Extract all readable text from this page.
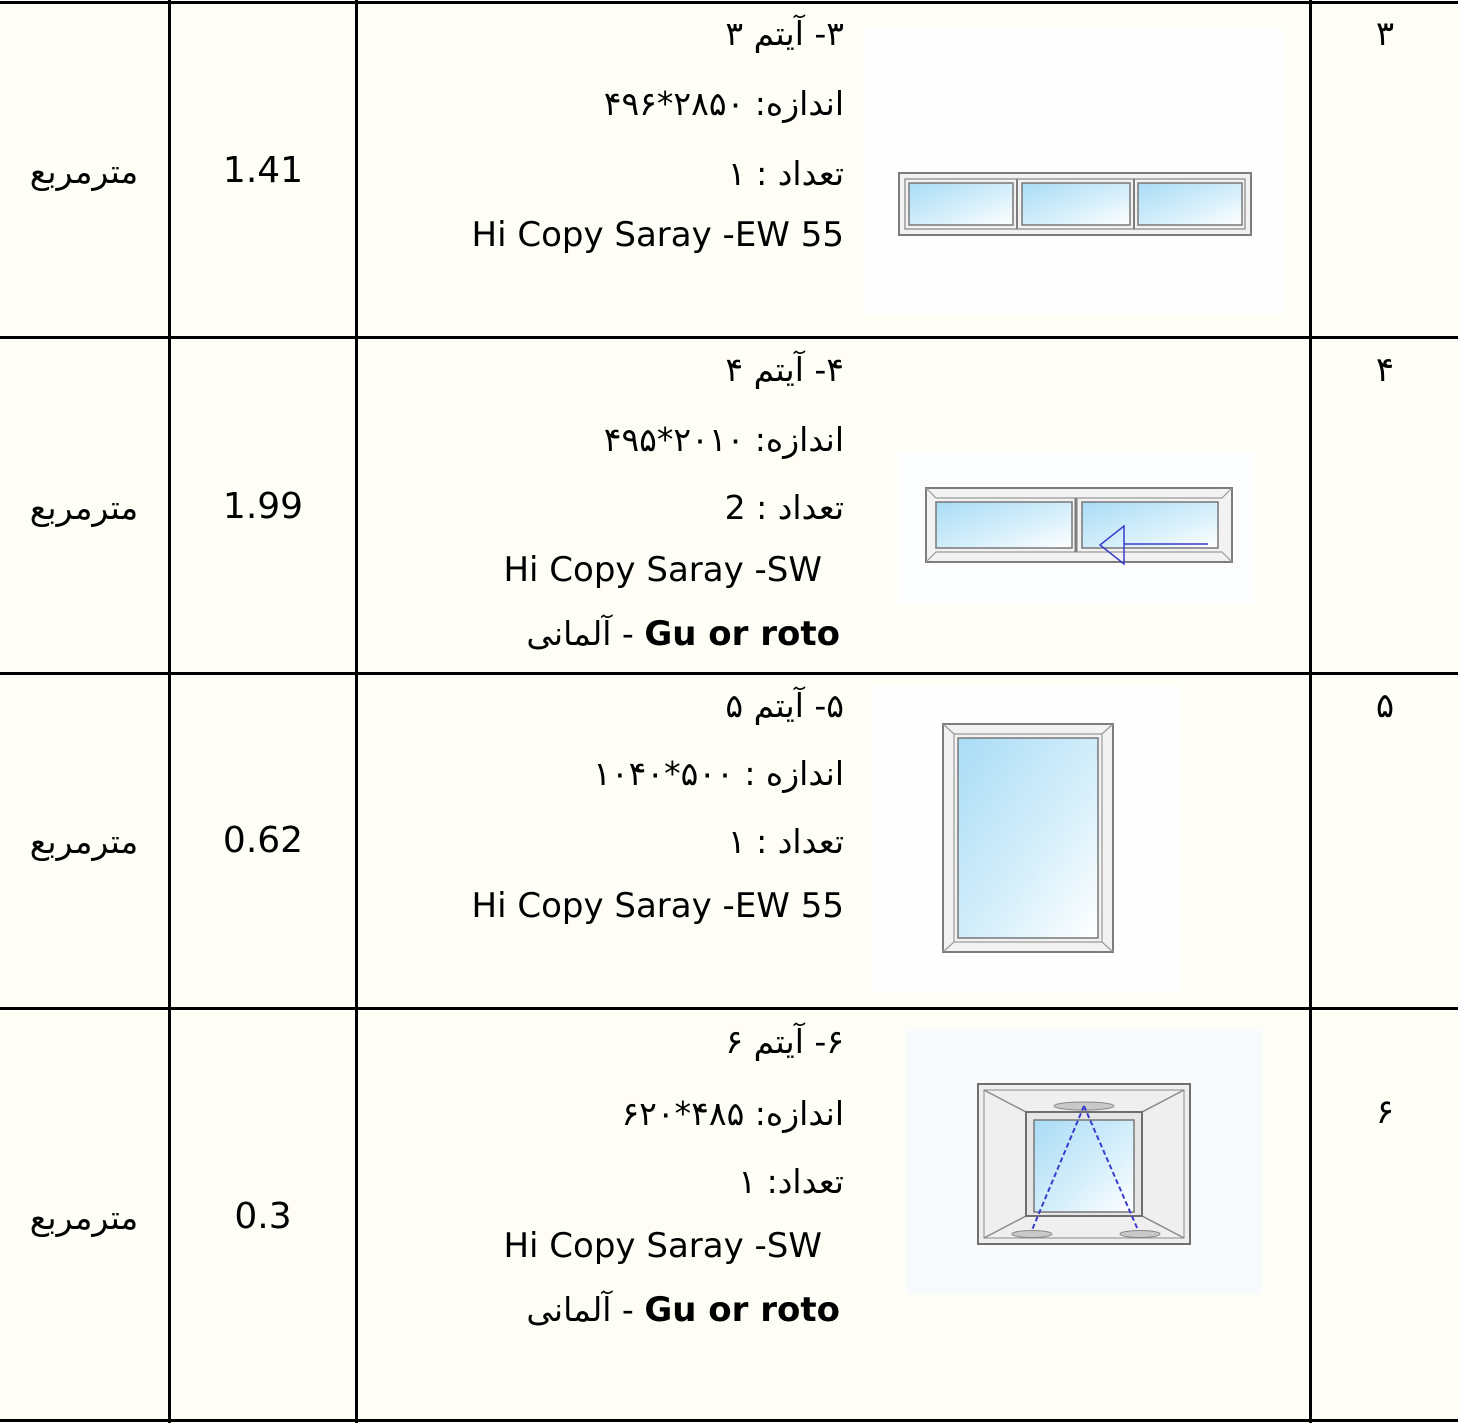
مترمربع	1.41
۳- آیتم ۳
اندازه: ۲۸۵۰*۴۹۶
تعداد : ۱
Hi Copy Saray -EW 55
۳
مترمربع	1.99
۴- آیتم ۴
اندازه: ۲۰۱۰*۴۹۵
تعداد : 2
Hi Copy Saray -SW
Gu or roto - آلمانی
۴
مترمربع	0.62
۵- آیتم ۵
اندازه : ۵۰۰*۱۰۴۰
تعداد : ۱
Hi Copy Saray -EW 55
۵
مترمربع	0.3
۶- آیتم ۶
اندازه: ۴۸۵*۶۲۰
تعداد: ۱
Hi Copy Saray -SW
Gu or roto - آلمانی
۶
